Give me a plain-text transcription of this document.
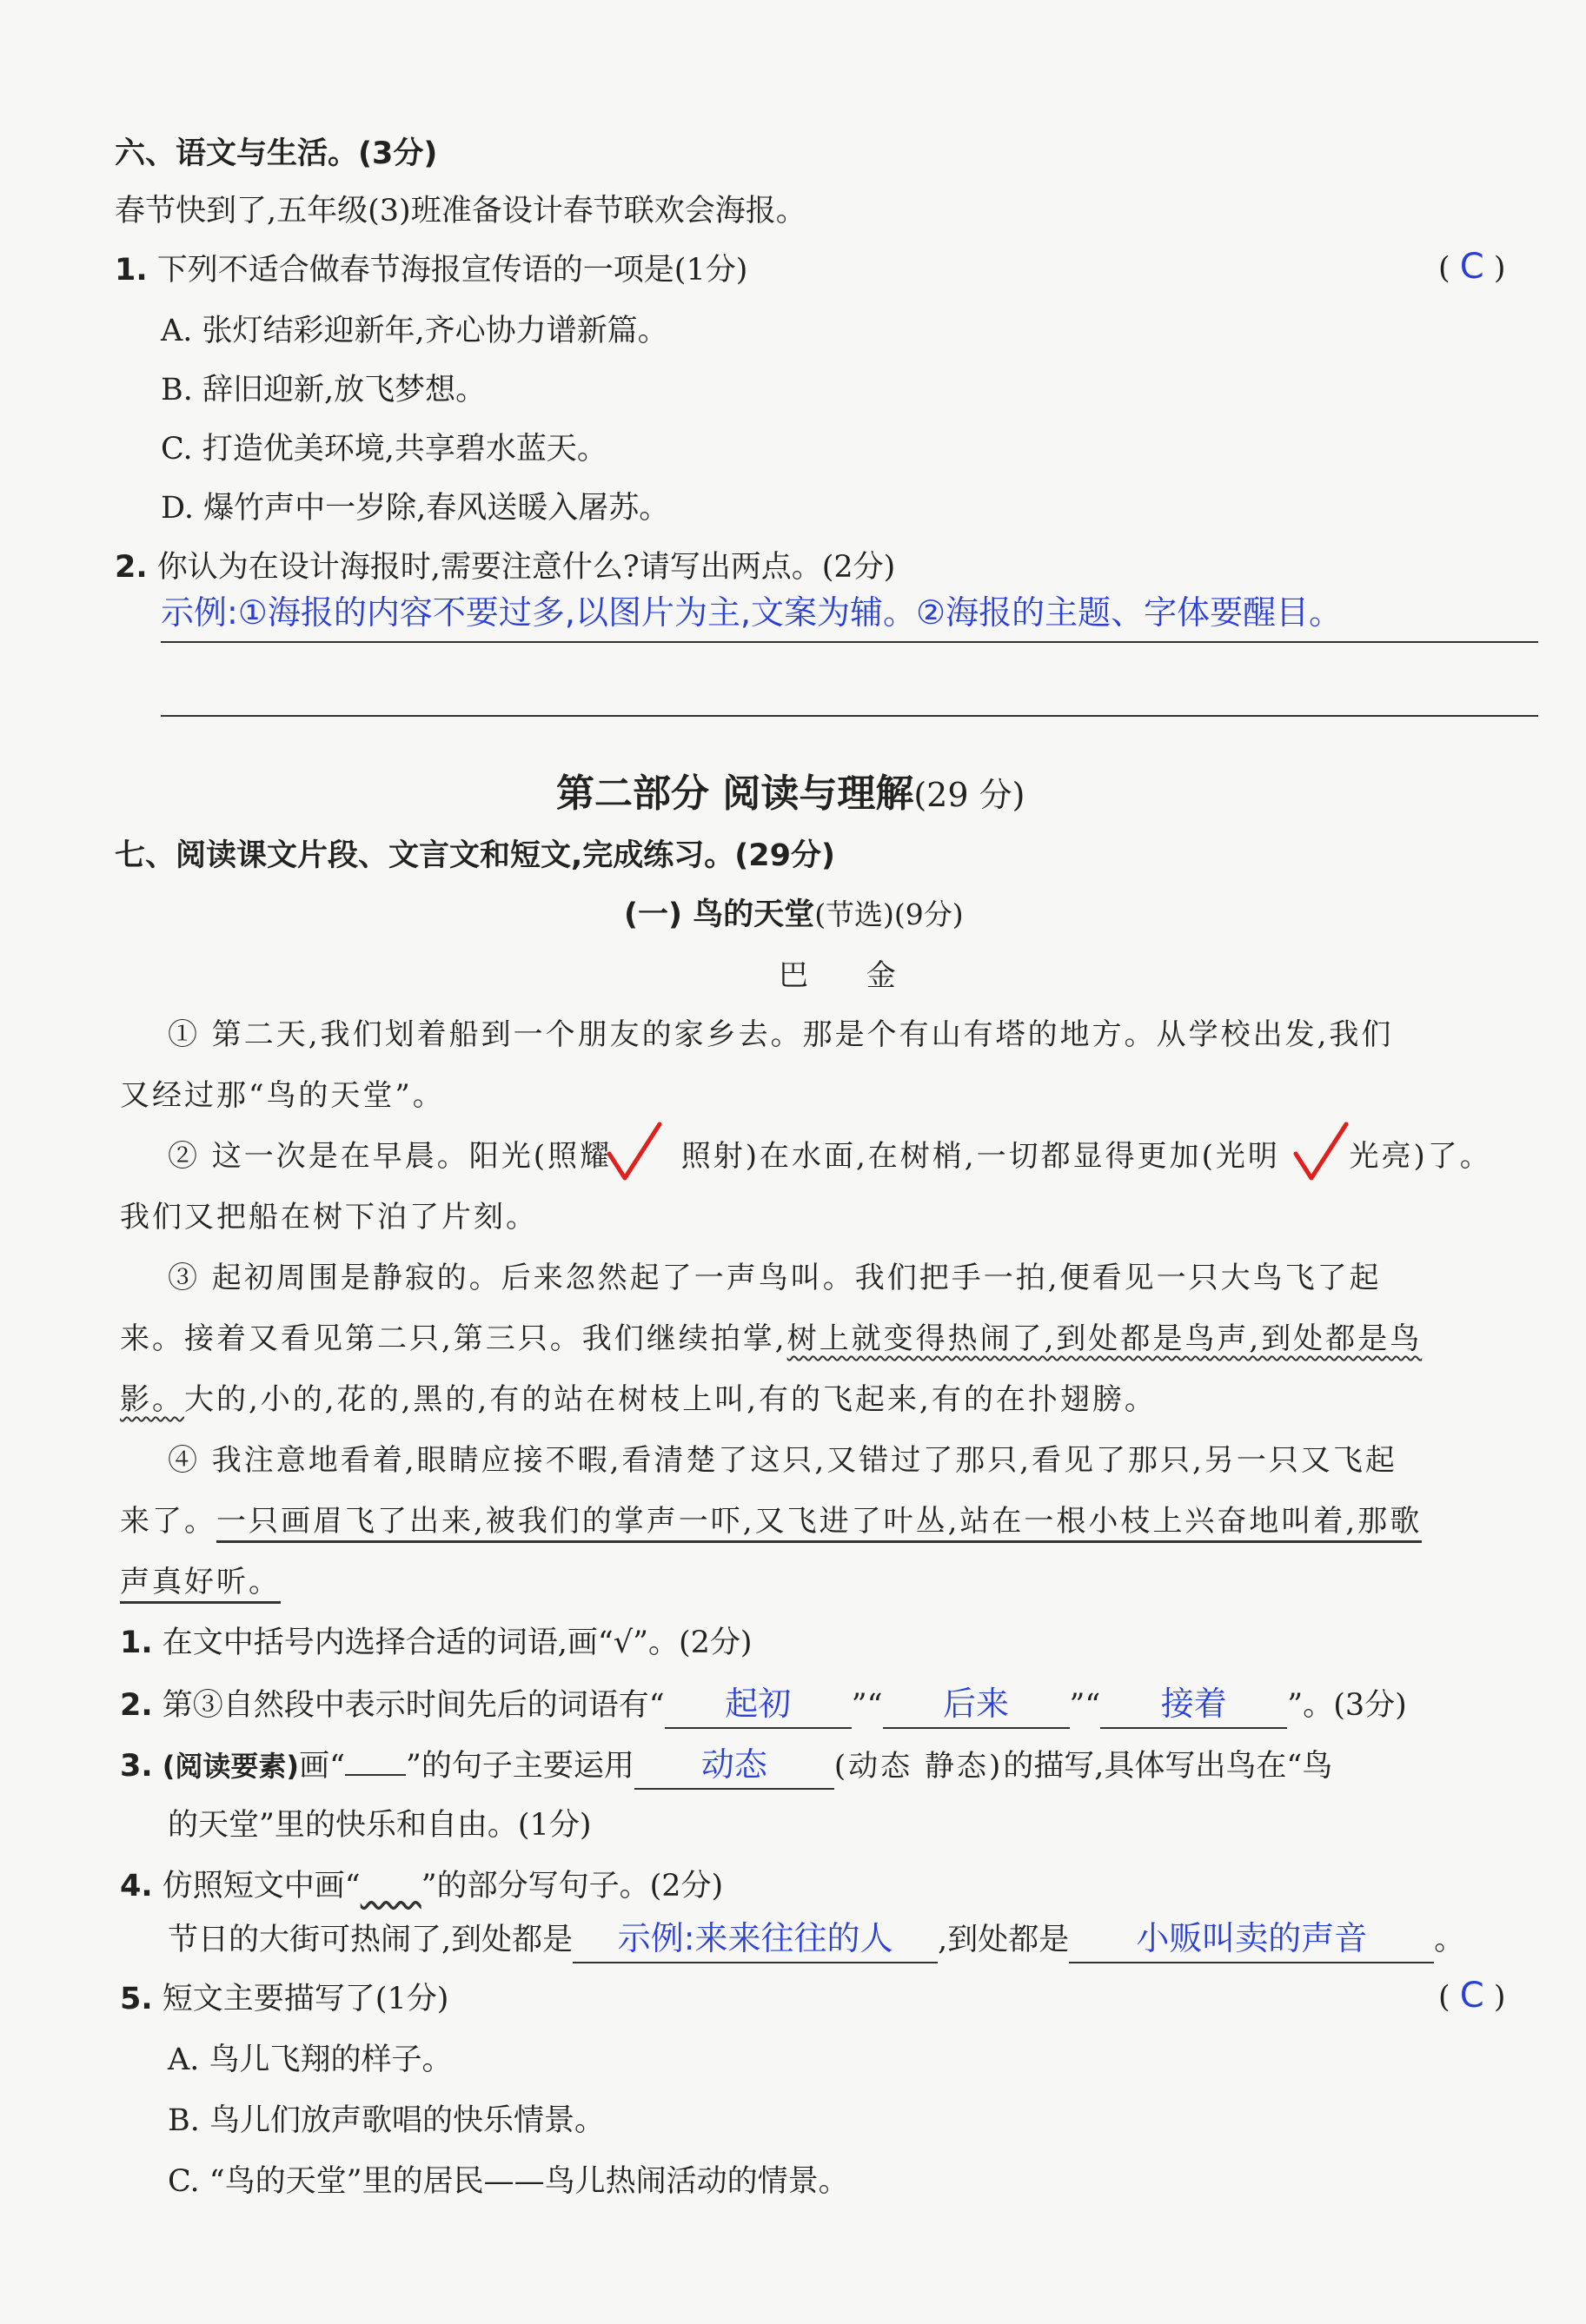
六、语文与生活。(3分)
春节快到了,五年级(3)班准备设计春节联欢会海报。
1. 下列不适合做春节海报宣传语的一项是(1分)	( C )
A. 张灯结彩迎新年,齐心协力谱新篇。
B. 辞旧迎新,放飞梦想。
C. 打造优美环境,共享碧水蓝天。
D. 爆竹声中一岁除,春风送暖入屠苏。
2. 你认为在设计海报时,需要注意什么?请写出两点。(2分)
示例:①海报的内容不要过多,以图片为主,文案为辅。②海报的主题、字体要醒目。
第二部分 阅读与理解(29 分)
七、阅读课文片段、文言文和短文,完成练习。(29分)
(一) 鸟的天堂(节选)(9分)
巴 金
① 第二天,我们划着船到一个朋友的家乡去。那是个有山有塔的地方。从学校出发,我们
又经过那“鸟的天堂”。
② 这一次是在早晨。阳光(照耀 照射)在水面,在树梢,一切都显得更加(光明 光亮)了。
我们又把船在树下泊了片刻。
③ 起初周围是静寂的。后来忽然起了一声鸟叫。我们把手一拍,便看见一只大鸟飞了起
来。接着又看见第二只,第三只。我们继续拍掌,树上就变得热闹了,到处都是鸟声,到处都是鸟
影。大的,小的,花的,黑的,有的站在树枝上叫,有的飞起来,有的在扑翅膀。
④ 我注意地看着,眼睛应接不暇,看清楚了这只,又错过了那只,看见了那只,另一只又飞起
来了。一只画眉飞了出来,被我们的掌声一吓,又飞进了叶丛,站在一根小枝上兴奋地叫着,那歌
声真好听。
1. 在文中括号内选择合适的词语,画“√”。(2分)
2. 第③自然段中表示时间先后的词语有“ 起初 ”“ 后来 ”“ 接着 ”。(3分)
3. (阅读要素)画“ ”的句子主要运用 动态 (动态 静态)的描写,具体写出鸟在“鸟
的天堂”里的快乐和自由。(1分)
4. 仿照短文中画“ ”的部分写句子。(2分)
节日的大街可热闹了,到处都是 示例:来来往往的人 ,到处都是 小贩叫卖的声音 。
5. 短文主要描写了(1分)	( C )
A. 鸟儿飞翔的样子。
B. 鸟儿们放声歌唱的快乐情景。
C. “鸟的天堂”里的居民——鸟儿热闹活动的情景。
